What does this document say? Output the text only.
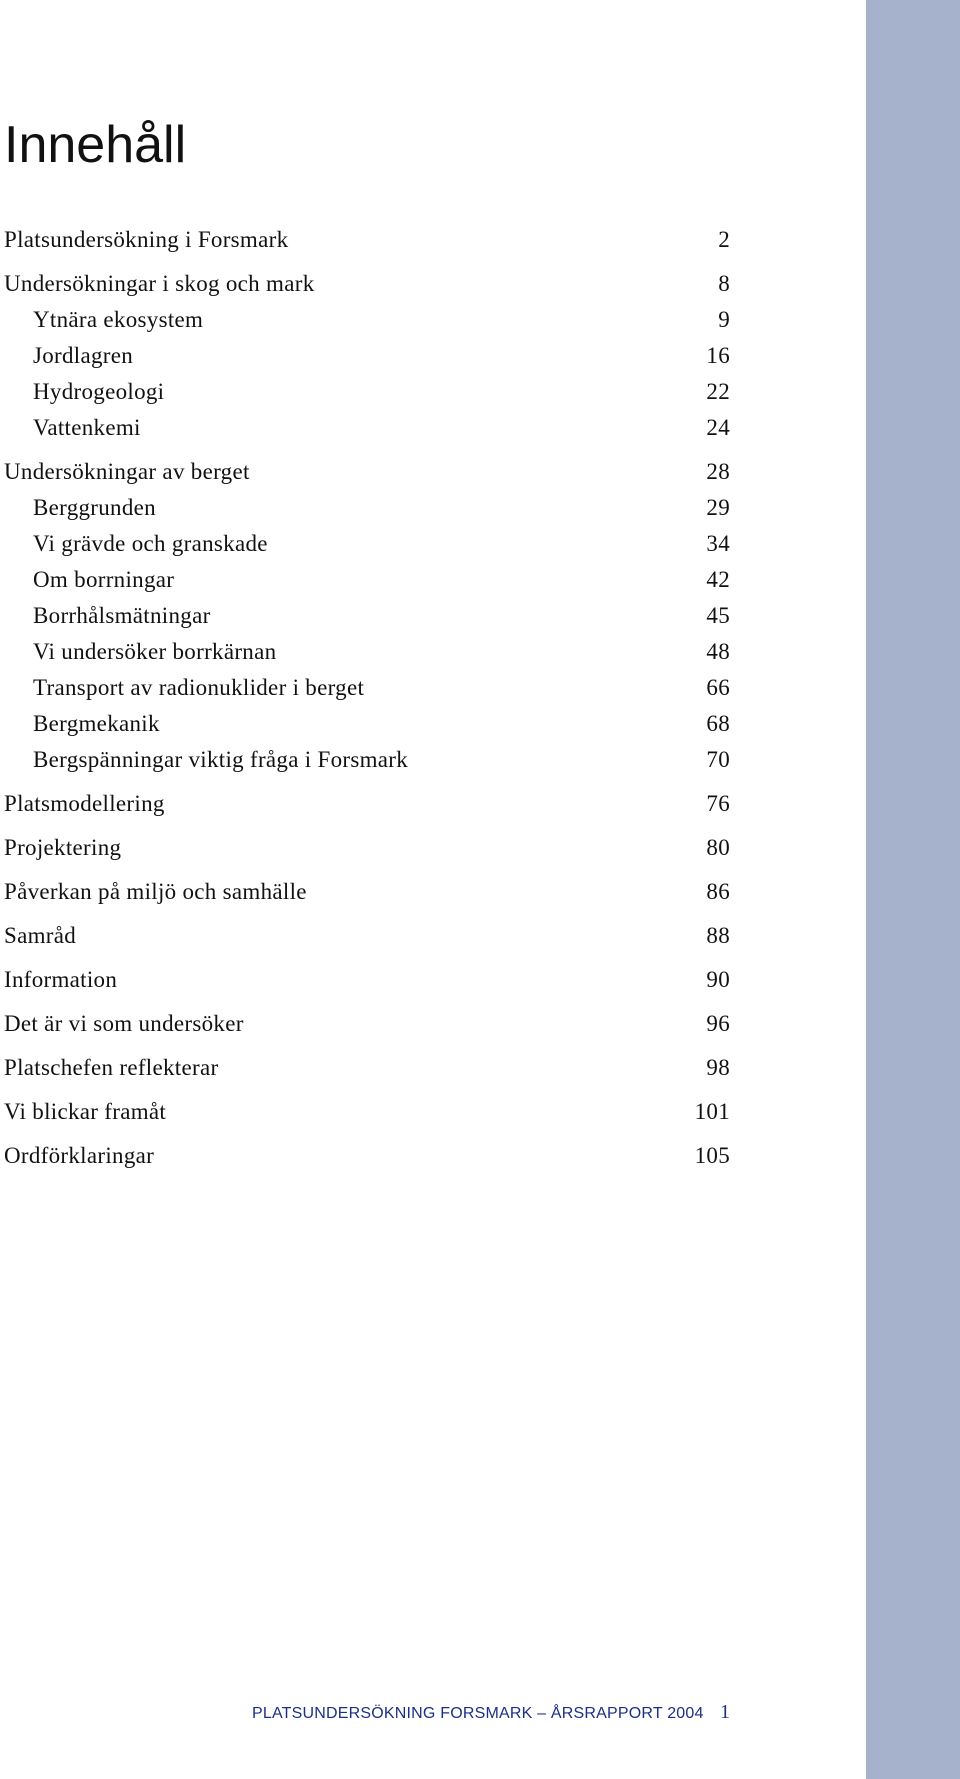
Innehåll
Platsundersökning i Forsmark	2
Undersökningar i skog och mark	8
Ytnära ekosystem	9
Jordlagren	16
Hydrogeologi	22
Vattenkemi	24
Undersökningar av berget	28
Berggrunden	29
Vi grävde och granskade	34
Om borrningar	42
Borrhålsmätningar	45
Vi undersöker borrkärnan	48
Transport av radionuklider i berget	66
Bergmekanik	68
Bergspänningar viktig fråga i Forsmark	70
Platsmodellering	76
Projektering	80
Påverkan på miljö och samhälle	86
Samråd	88
Information	90
Det är vi som undersöker	96
Platschefen reflekterar	98
Vi blickar framåt	101
Ordförklaringar	105
PLATSUNDERSÖKNING FORSMARK – ÅRSRAPPORT 2004 1
